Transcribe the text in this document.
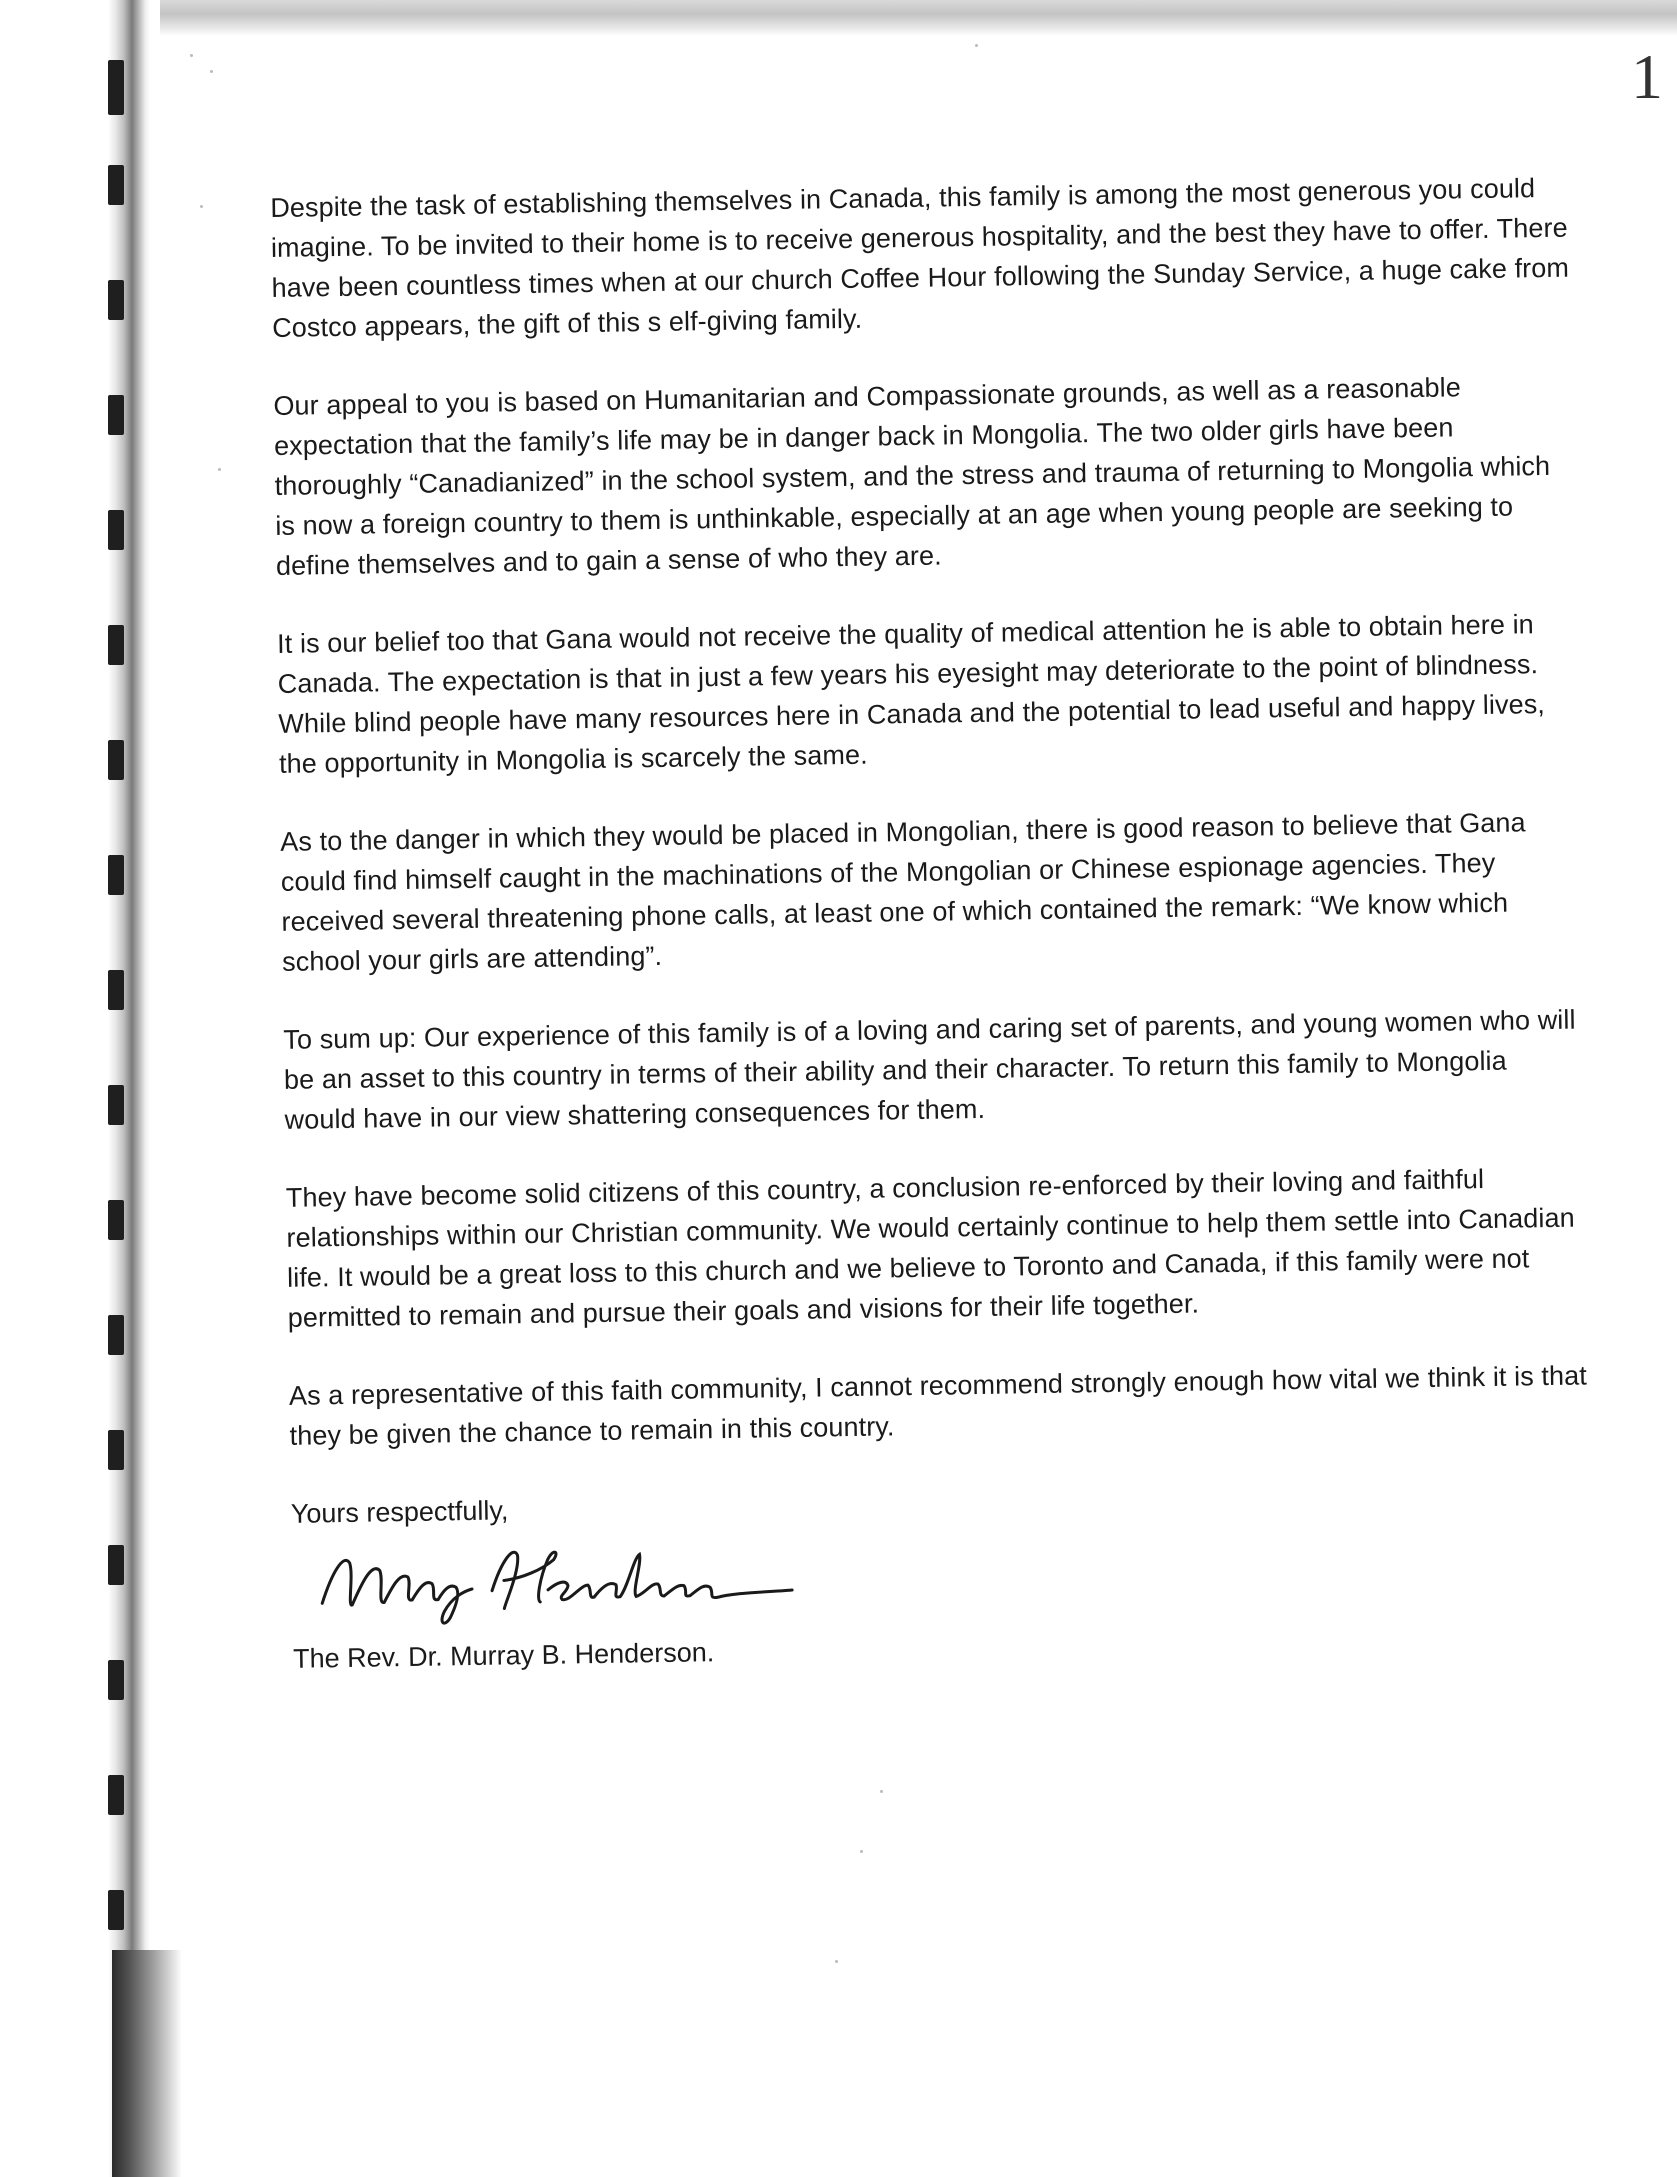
1

Despite the task of establishing themselves in Canada, this family is among the most generous you could imagine. To be invited to their home is to receive generous hospitality, and the best they have to offer. There have been countless times when at our church Coffee Hour following the Sunday Service, a huge cake from Costco appears, the gift of this s elf-giving family.

Our appeal to you is based on Humanitarian and Compassionate grounds, as well as a reasonable expectation that the family’s life may be in danger back in Mongolia. The two older girls have been thoroughly “Canadianized” in the school system, and the stress and trauma of returning to Mongolia which is now a foreign country to them is unthinkable, especially at an age when young people are seeking to define themselves and to gain a sense of who they are.

It is our belief too that Gana would not receive the quality of medical attention he is able to obtain here in Canada. The expectation is that in just a few years his eyesight may deteriorate to the point of blindness. While blind people have many resources here in Canada and the potential to lead useful and happy lives, the opportunity in Mongolia is scarcely the same.

As to the danger in which they would be placed in Mongolian, there is good reason to believe that Gana could find himself caught in the machinations of the Mongolian or Chinese espionage agencies. They received several threatening phone calls, at least one of which contained the remark: “We know which school your girls are attending”.

To sum up: Our experience of this family is of a loving and caring set of parents, and young women who will be an asset to this country in terms of their ability and their character. To return this family to Mongolia would have in our view shattering consequences for them.

They have become solid citizens of this country, a conclusion re-enforced by their loving and faithful relationships within our Christian community. We would certainly continue to help them settle into Canadian life. It would be a great loss to this church and we believe to Toronto and Canada, if this family were not permitted to remain and pursue their goals and visions for their life together.

As a representative of this faith community, I cannot recommend strongly enough how vital we think it is that they be given the chance to remain in this country.

Yours respectfully,
The Rev. Dr. Murray B. Henderson.
